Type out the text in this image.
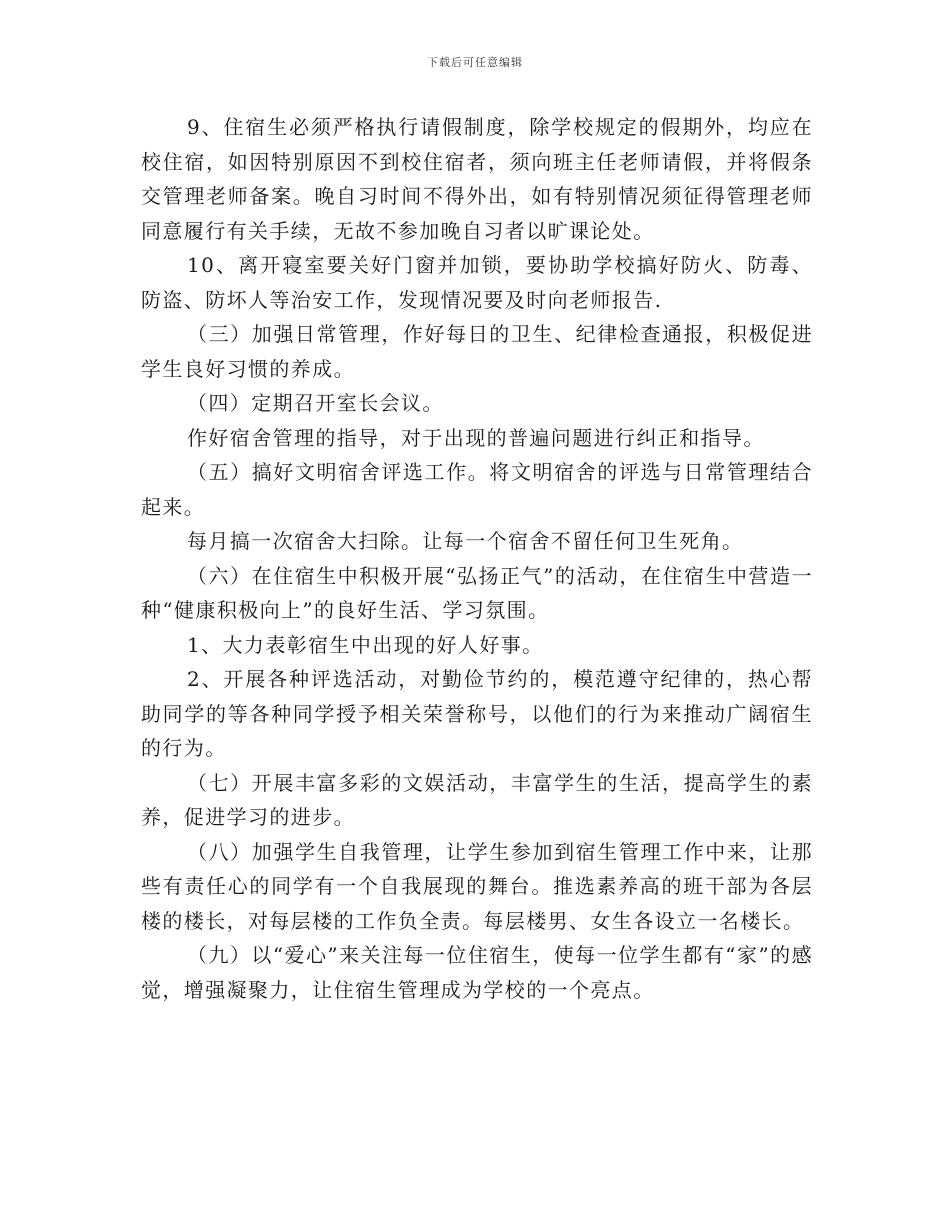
下载后可任意编辑

9、住宿生必须严格执行请假制度，除学校规定的假期外，均应在校住宿，如因特别原因不到校住宿者，须向班主任老师请假，并将假条交管理老师备案。晚自习时间不得外出，如有特别情况须征得管理老师同意履行有关手续，无故不参加晚自习者以旷课论处。

10、离开寝室要关好门窗并加锁，要协助学校搞好防火、防毒、防盗、防坏人等治安工作，发现情况要及时向老师报告.

（三）加强日常管理，作好每日的卫生、纪律检查通报，积极促进学生良好习惯的养成。

（四）定期召开室长会议。

作好宿舍管理的指导，对于出现的普遍问题进行纠正和指导。

（五）搞好文明宿舍评选工作。将文明宿舍的评选与日常管理结合起来。

每月搞一次宿舍大扫除。让每一个宿舍不留任何卫生死角。

（六）在住宿生中积极开展“弘扬正气”的活动，在住宿生中营造一种“健康积极向上”的良好生活、学习氛围。

1、大力表彰宿生中出现的好人好事。

2、开展各种评选活动，对勤俭节约的，模范遵守纪律的，热心帮助同学的等各种同学授予相关荣誉称号，以他们的行为来推动广阔宿生的行为。

（七）开展丰富多彩的文娱活动，丰富学生的生活，提高学生的素养，促进学习的进步。

（八）加强学生自我管理，让学生参加到宿生管理工作中来，让那些有责任心的同学有一个自我展现的舞台。推选素养高的班干部为各层楼的楼长，对每层楼的工作负全责。每层楼男、女生各设立一名楼长。

（九）以“爱心”来关注每一位住宿生，使每一位学生都有“家”的感觉，增强凝聚力，让住宿生管理成为学校的一个亮点。
